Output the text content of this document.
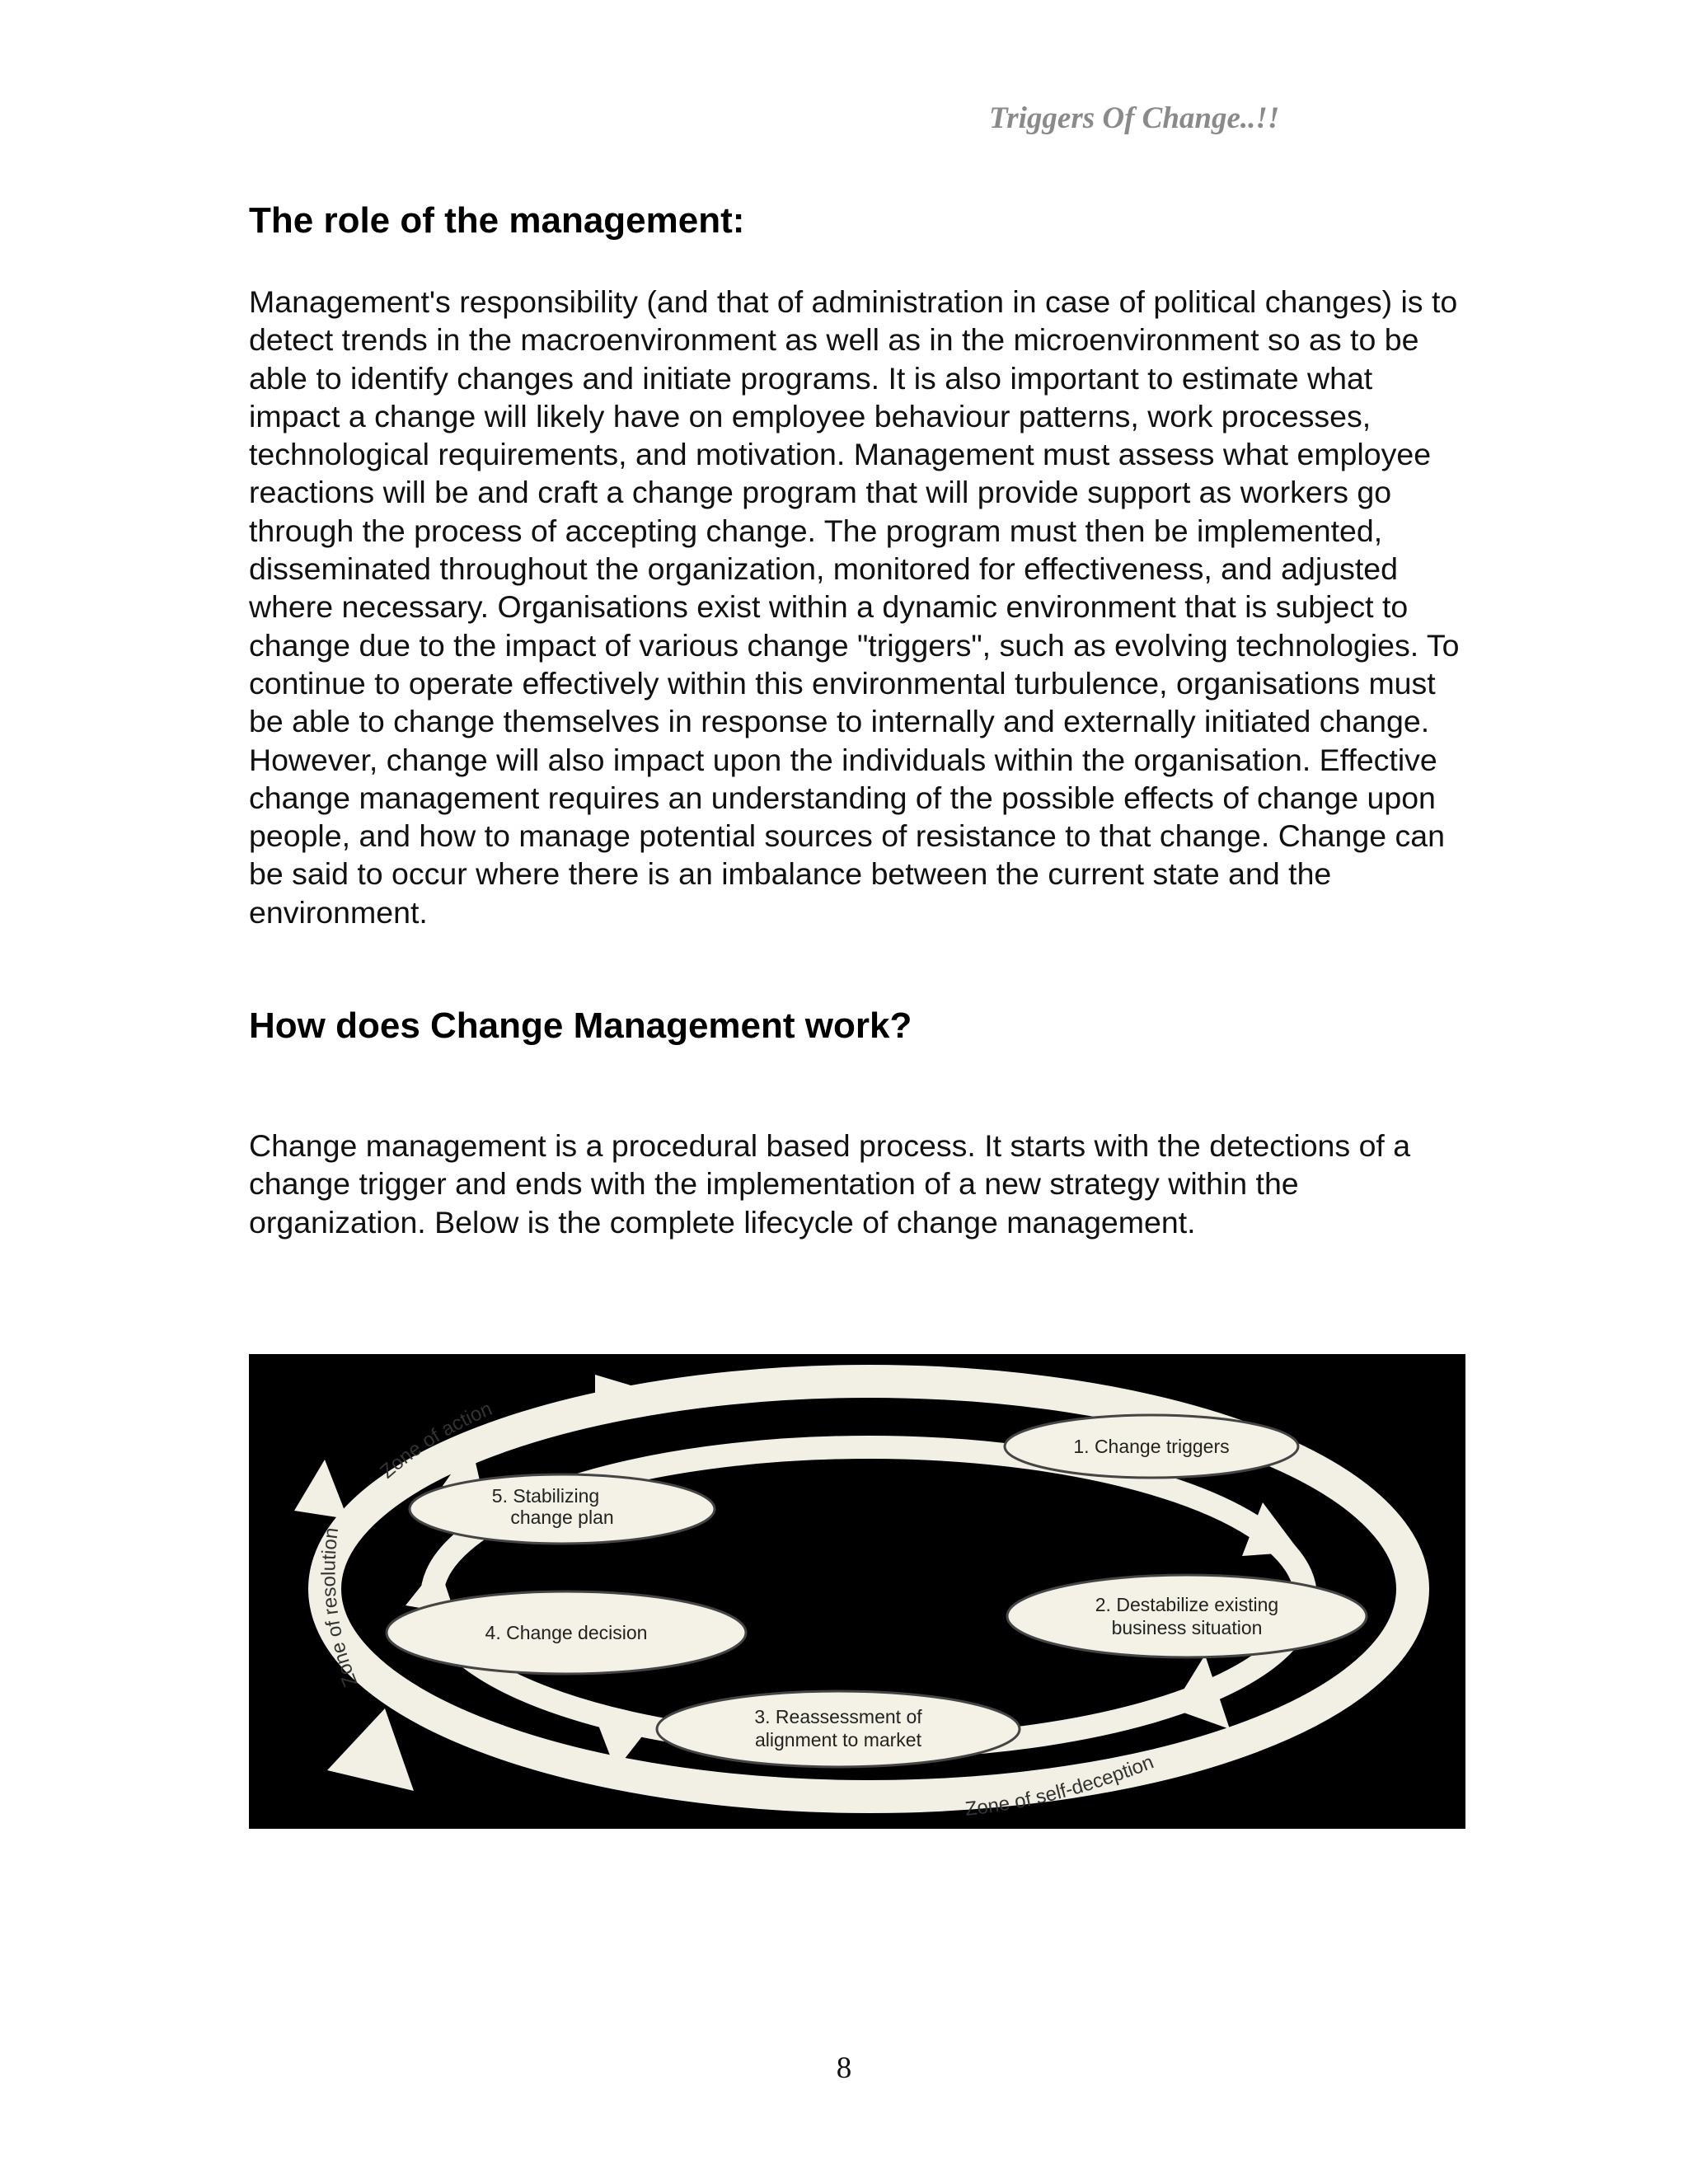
Triggers Of Change..!!
The role of the management:

Management's responsibility (and that of administration in case of political changes) is to detect trends in the macroenvironment as well as in the microenvironment so as to be able to identify changes and initiate programs. It is also important to estimate what impact a change will likely have on employee behaviour patterns, work processes, technological requirements, and motivation. Management must assess what employee reactions will be and craft a change program that will provide support as workers go through the process of accepting change. The program must then be implemented, disseminated throughout the organization, monitored for effectiveness, and adjusted where necessary. Organisations exist within a dynamic environment that is subject to change due to the impact of various change "triggers", such as evolving technologies. To continue to operate effectively within this environmental turbulence, organisations must be able to change themselves in response to internally and externally initiated change. However, change will also impact upon the individuals within the organisation. Effective change management requires an understanding of the possible effects of change upon people, and how to manage potential sources of resistance to that change. Change can be said to occur where there is an imbalance between the current state and the environment.

How does Change Management work?

Change management is a procedural based process. It starts with the detections of a change trigger and ends with the implementation of a new strategy within the organization. Below is the complete lifecycle of change management.

1. Change triggers
2. Destabilize existing
business situation
3. Reassessment of
alignment to market
4. Change decision
5. Stabilizing
change plan
Zone of action
Zone of resolution
Zone of self-deception
8
